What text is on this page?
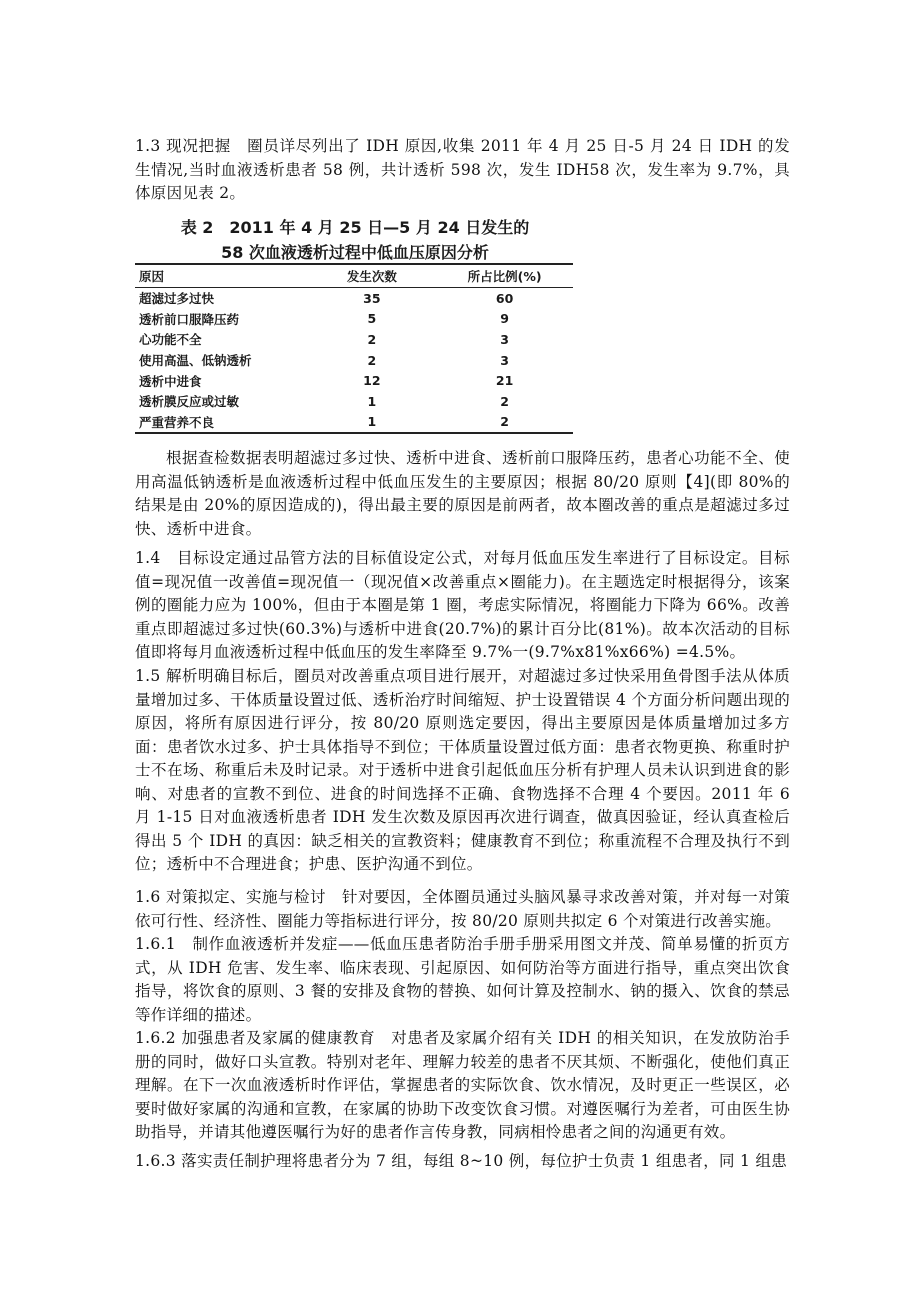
1.3 现况把握　圈员详尽列出了 IDH 原因,收集 2011 年 4 月 25 日-5 月 24 日 IDH 的发生情况,当时血液透析患者 58 例，共计透析 598 次，发生 IDH58 次，发生率为 9.7%，具体原因见表 2。

表 2　2011 年 4 月 25 日—5 月 24 日发生的
58 次血液透析过程中低血压原因分析
原因	发生次数	所占比例(%)
超滤过多过快	35	60
透析前口服降压药	5	9
心功能不全	2	3
使用高温、低钠透析	2	3
透析中进食	12	21
透析膜反应或过敏	1	2
严重营养不良	1	2

根据查检数据表明超滤过多过快、透析中进食、透析前口服降压药，患者心功能不全、使用高温低钠透析是血液透析过程中低血压发生的主要原因；根据 80/20 原则【4](即 80%的结果是由 20%的原因造成的)，得出最主要的原因是前两者，故本圈改善的重点是超滤过多过快、透析中进食。

1.4　目标设定通过品管方法的目标值设定公式，对每月低血压发生率进行了目标设定。目标值=现况值一改善值=现况值一（现况值×改善重点×圈能力)。在主题选定时根据得分，该案例的圈能力应为 100%，但由于本圈是第 1 圈，考虑实际情况，将圈能力下降为 66%。改善重点即超滤过多过快(60.3%)与透析中进食(20.7%)的累计百分比(81%)。故本次活动的目标值即将每月血液透析过程中低血压的发生率降至 9.7%一(9.7%x81%x66%) =4.5%。

1.5 解析明确目标后，圈员对改善重点项目进行展开，对超滤过多过快采用鱼骨图手法从体质量增加过多、干体质量设置过低、透析治疗时间缩短、护士设置错误 4 个方面分析问题出现的原因，将所有原因进行评分，按 80/20 原则选定要因，得出主要原因是体质量增加过多方面：患者饮水过多、护士具体指导不到位；干体质量设置过低方面：患者衣物更换、称重时护士不在场、称重后未及时记录。对于透析中进食引起低血压分析有护理人员未认识到进食的影响、对患者的宣教不到位、进食的时间选择不正确、食物选择不合理 4 个要因。2011 年 6 月 1-15 日对血液透析患者 IDH 发生次数及原因再次进行调查，做真因验证，经认真查检后得出 5 个 IDH 的真因：缺乏相关的宣教资料；健康教育不到位；称重流程不合理及执行不到位；透析中不合理进食；护患、医护沟通不到位。

1.6 对策拟定、实施与检讨　针对要因，全体圈员通过头脑风暴寻求改善对策，并对每一对策依可行性、经济性、圈能力等指标进行评分，按 80/20 原则共拟定 6 个对策进行改善实施。

1.6.1　制作血液透析并发症——低血压患者防治手册手册采用图文并茂、简单易懂的折页方式，从 IDH 危害、发生率、临床表现、引起原因、如何防治等方面进行指导，重点突出饮食指导，将饮食的原则、3 餐的安排及食物的替换、如何计算及控制水、钠的摄入、饮食的禁忌等作详细的描述。

1.6.2 加强患者及家属的健康教育　对患者及家属介绍有关 IDH 的相关知识，在发放防治手册的同时，做好口头宣教。特别对老年、理解力较差的患者不厌其烦、不断强化，使他们真正理解。在下一次血液透析时作评估，掌握患者的实际饮食、饮水情况，及时更正一些误区，必要时做好家属的沟通和宣教，在家属的协助下改变饮食习惯。对遵医嘱行为差者，可由医生协助指导，并请其他遵医嘱行为好的患者作言传身教，同病相怜患者之间的沟通更有效。

1.6.3 落实责任制护理将患者分为 7 组，每组 8~10 例，每位护士负责 1 组患者，同 1 组患
